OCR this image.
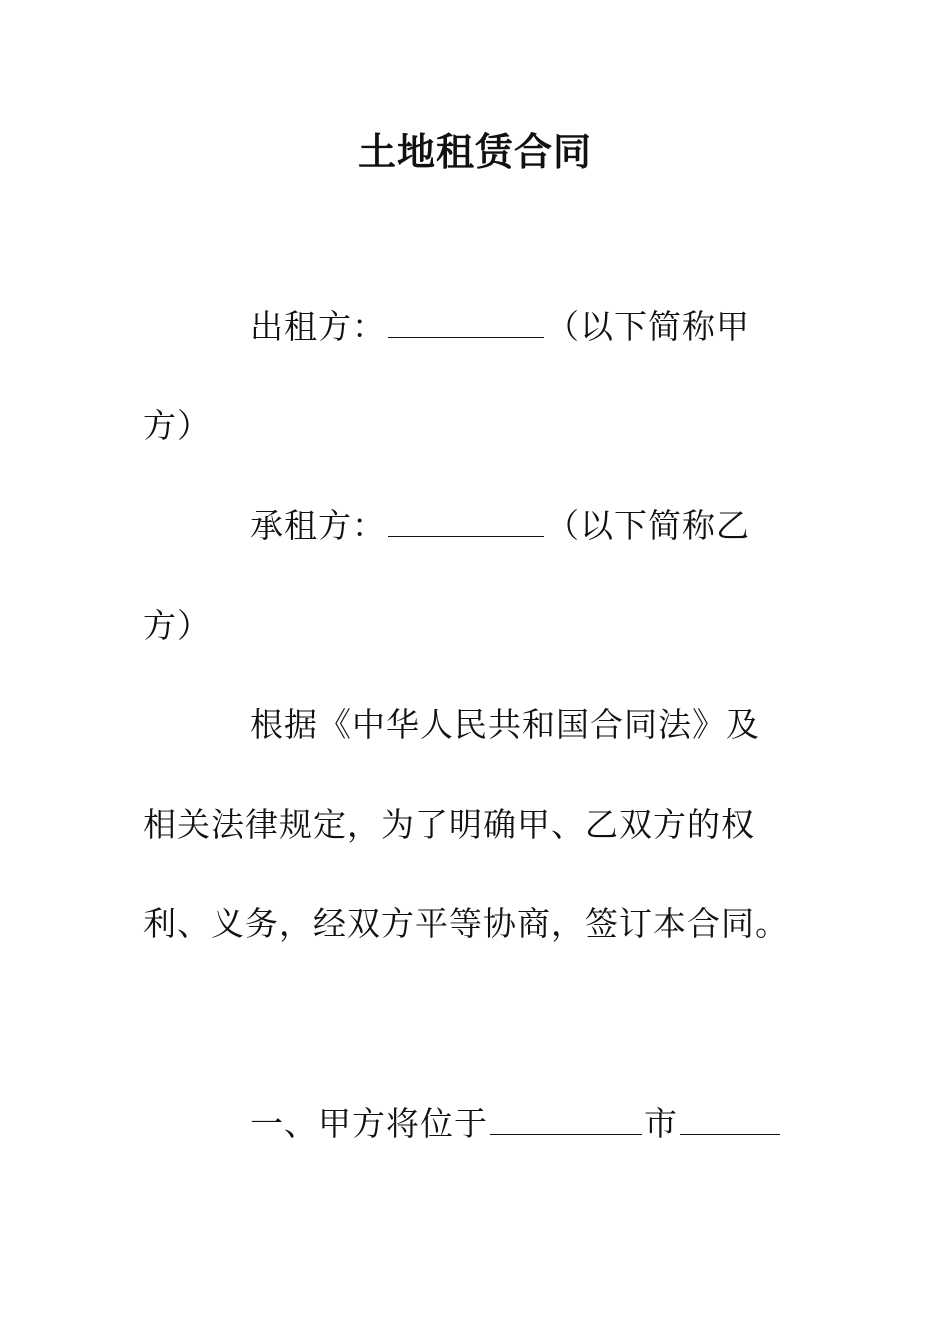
土地租赁合同
出租方：	（以下简称甲
方）
承租方：	（以下简称乙
方）
根据《中华人民共和国合同法》及
相关法律规定，为了明确甲、乙双方的权
利、义务，经双方平等协商，签订本合同。
一、甲方将位于	市
